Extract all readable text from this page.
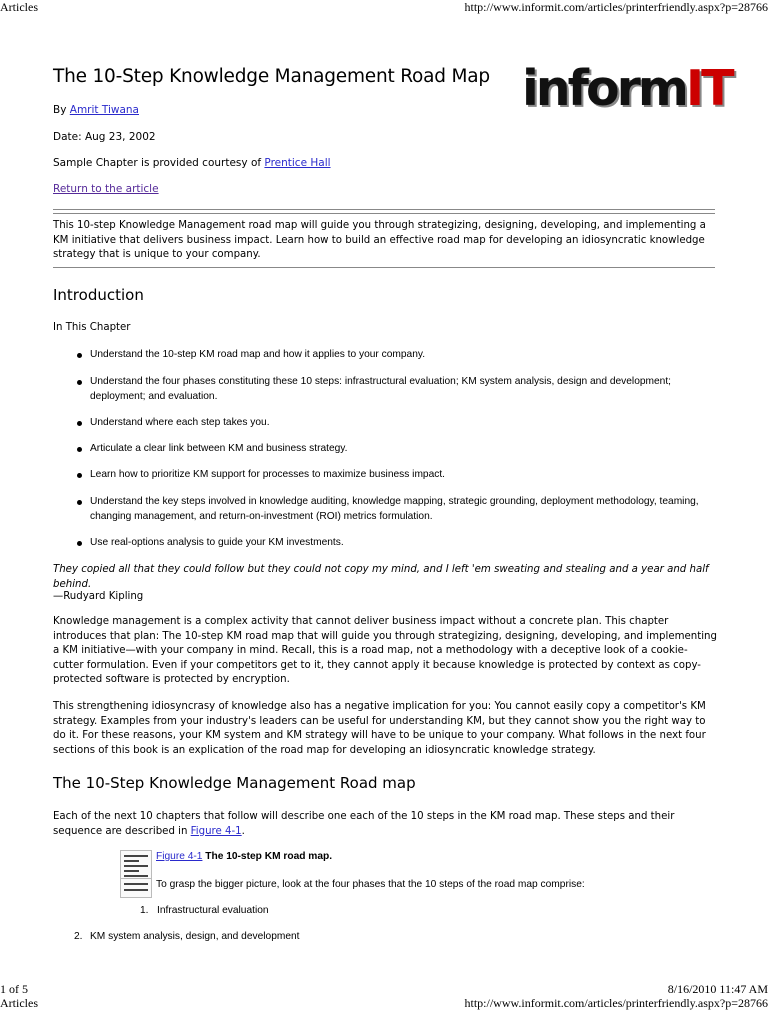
Articles	http://www.informit.com/articles/printerfriendly.aspx?p=28766
The 10-Step Knowledge Management Road Map informIT
By Amrit Tiwana
Date: Aug 23, 2002
Sample Chapter is provided courtesy of Prentice Hall
Return to the article

This 10-step Knowledge Management road map will guide you through strategizing, designing, developing, and implementing a KM initiative that delivers business impact. Learn how to build an effective road map for developing an idiosyncratic knowledge strategy that is unique to your company.

Introduction

In This Chapter

Understand the 10-step KM road map and how it applies to your company.
Understand the four phases constituting these 10 steps: infrastructural evaluation; KM system analysis, design and development; deployment; and evaluation.
Understand where each step takes you.
Articulate a clear link between KM and business strategy.
Learn how to prioritize KM support for processes to maximize business impact.
Understand the key steps involved in knowledge auditing, knowledge mapping, strategic grounding, deployment methodology, teaming, changing management, and return-on-investment (ROI) metrics formulation.
Use real-options analysis to guide your KM investments.

They copied all that they could follow but they could not copy my mind, and I left 'em sweating and stealing and a year and half behind.

—Rudyard Kipling

Knowledge management is a complex activity that cannot deliver business impact without a concrete plan. This chapter introduces that plan: The 10-step KM road map that will guide you through strategizing, designing, developing, and implementing a KM initiative—with your company in mind. Recall, this is a road map, not a methodology with a deceptive look of a cookie-cutter formulation. Even if your competitors get to it, they cannot apply it because knowledge is protected by context as copy-protected software is protected by encryption.

This strengthening idiosyncrasy of knowledge also has a negative implication for you: You cannot easily copy a competitor's KM strategy. Examples from your industry's leaders can be useful for understanding KM, but they cannot show you the right way to do it. For these reasons, your KM system and KM strategy will have to be unique to your company. What follows in the next four sections of this book is an explication of the road map for developing an idiosyncratic knowledge strategy.

The 10-Step Knowledge Management Road map

Each of the next 10 chapters that follow will describe one each of the 10 steps in the KM road map. These steps and their sequence are described in Figure 4-1.

Figure 4-1 The 10-step KM road map.
To grasp the bigger picture, look at the four phases that the 10 steps of the road map comprise:
1. Infrastructural evaluation
2. KM system analysis, design, and development
1 of 5	8/16/2010 11:47 AM
Articles	http://www.informit.com/articles/printerfriendly.aspx?p=28766
